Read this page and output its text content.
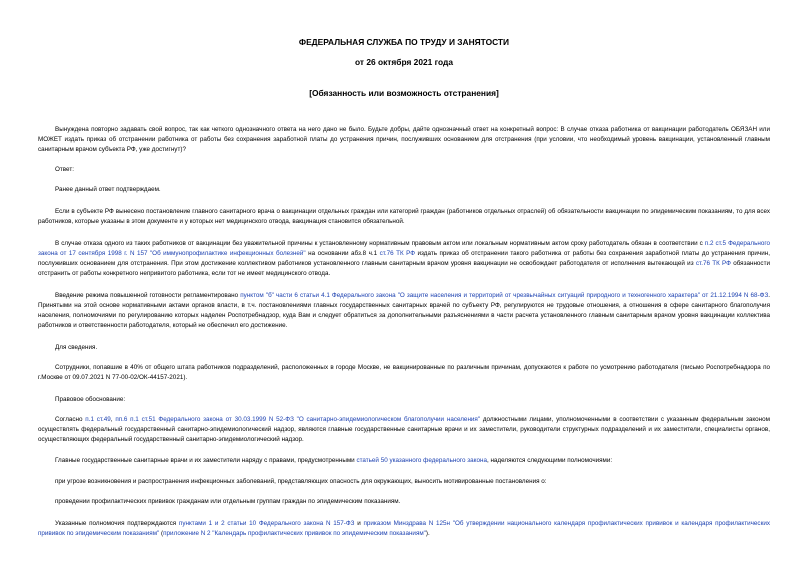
ФЕДЕРАЛЬНАЯ СЛУЖБА ПО ТРУДУ И ЗАНЯТОСТИ
от 26 октября 2021 года
[Обязанность или возможность отстранения]

Вынуждена повторно задавать свой вопрос, так как четкого однозначного ответа на него дано не было. Будьте добры, дайте однозначный ответ на конкретный вопрос: В случае отказа работника от вакцинации работодатель ОБЯЗАН или МОЖЕТ издать приказ об отстранении работника от работы без сохранения заработной платы до устранения причин, послуживших основанием для отстранения (при условии, что необходимый уровень вакцинации, установленный главным санитарным врачом субъекта РФ, уже достигнут)?

Ответ:

Ранее данный ответ подтверждаем.

Если в субъекте РФ вынесено постановление главного санитарного врача о вакцинации отдельных граждан или категорий граждан (работников отдельных отраслей) об обязательности вакцинации по эпидемическим показаниям, то для всех работников, которые указаны в этом документе и у которых нет медицинского отвода, вакцинация становится обязательной.

В случае отказа одного из таких работников от вакцинации без уважительной причины к установленному нормативным правовым актом или локальным нормативным актом сроку работодатель обязан в соответствии с п.2 ст.5 Федерального закона от 17 сентября 1998 г. N 157 "Об иммунопрофилактике инфекционных болезней" на основании абз.8 ч.1 ст.76 ТК РФ издать приказ об отстранении такого работника от работы без сохранения заработной платы до устранения причин, послуживших основанием для отстранения. При этом достижение коллективом работников установленного главным санитарным врачом уровня вакцинации не освобождает работодателя от исполнения вытекающей из ст.76 ТК РФ обязанности отстранить от работы конкретного непривитого работника, если тот не имеет медицинского отвода.

Введение режима повышенной готовности регламентировано пунктом "б" части 6 статьи 4.1 Федерального закона "О защите населения и территорий от чрезвычайных ситуаций природного и техногенного характера" от 21.12.1994 N 68-ФЗ. Принятыми на этой основе нормативными актами органов власти, в т.ч. постановлениями главных государственных санитарных врачей по субъекту РФ, регулируются не трудовые отношения, а отношения в сфере санитарного благополучия населения, полномочиями по регулированию которых наделен Роспотребнадзор, куда Вам и следует обратиться за дополнительными разъяснениями в части расчета установленного главным санитарным врачом уровня вакцинации коллектива работников и ответственности работодателя, который не обеспечил его достижение.

Для сведения.

Сотрудники, попавшие в 40% от общего штата работников подразделений, расположенных в городе Москве, не вакцинированные по различным причинам, допускаются к работе по усмотрению работодателя (письмо Роспотребнадзора по г.Москве от 09.07.2021 N 77-00-02/ОК-44157-2021).

Правовое обоснование:

Согласно п.1 ст.49, пп.6 п.1 ст.51 Федерального закона от 30.03.1999 N 52-ФЗ "О санитарно-эпидемиологическом благополучии населения" должностными лицами, уполномоченными в соответствии с указанным федеральным законом осуществлять федеральный государственный санитарно-эпидемиологический надзор, являются главные государственные санитарные врачи и их заместители, руководители структурных подразделений и их заместители, специалисты органов, осуществляющих федеральный государственный санитарно-эпидемиологический надзор.

Главные государственные санитарные врачи и их заместители наряду с правами, предусмотренными статьей 50 указанного федерального закона, наделяются следующими полномочиями:

при угрозе возникновения и распространения инфекционных заболеваний, представляющих опасность для окружающих, выносить мотивированные постановления о:

проведении профилактических прививок гражданам или отдельным группам граждан по эпидемическим показаниям.

Указанные полномочия подтверждаются пунктами 1 и 2 статьи 10 Федерального закона N 157-ФЗ и приказом Минздрава N 125н "Об утверждении национального календаря профилактических прививок и календаря профилактических прививок по эпидемическим показаниям" (приложение N 2 "Календарь профилактических прививок по эпидемическим показаниям").
